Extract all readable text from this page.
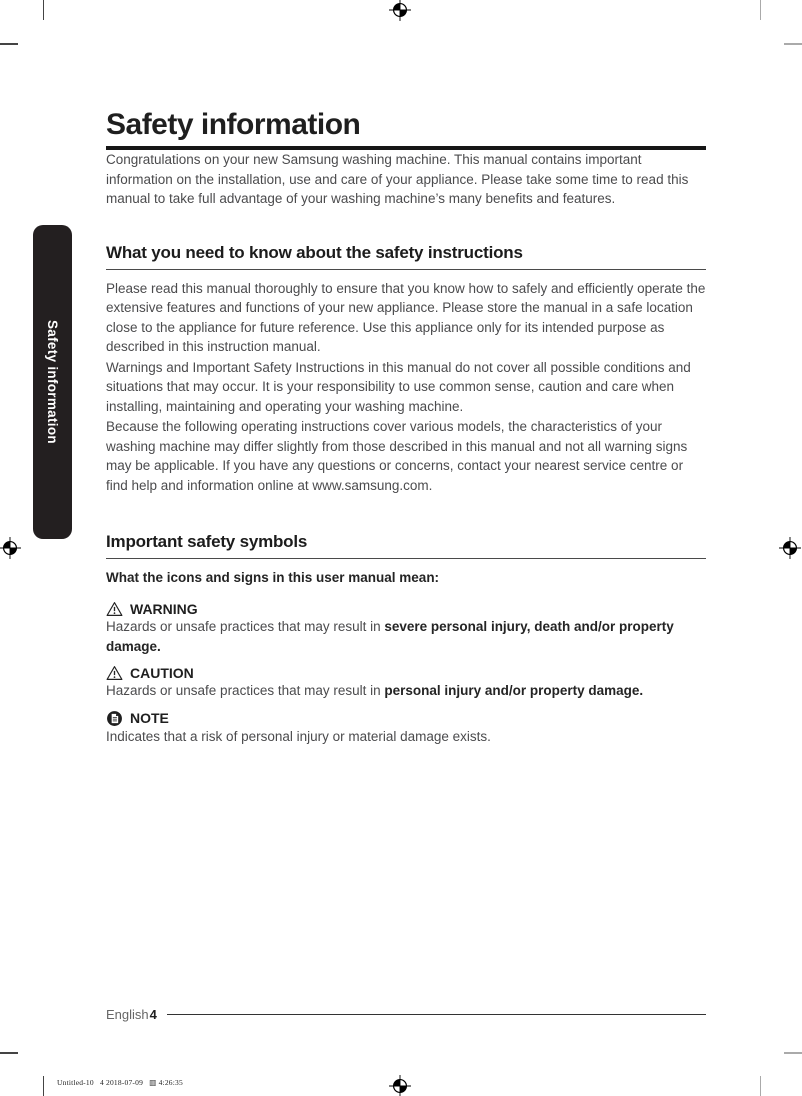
Safety information
Safety information

Congratulations on your new Samsung washing machine. This manual contains important information on the installation, use and care of your appliance. Please take some time to read this manual to take full advantage of your washing machine’s many benefits and features.

What you need to know about the safety instructions

Please read this manual thoroughly to ensure that you know how to safely and efficiently operate the extensive features and functions of your new appliance. Please store the manual in a safe location close to the appliance for future reference. Use this appliance only for its intended purpose as described in this instruction manual.

Warnings and Important Safety Instructions in this manual do not cover all possible conditions and situations that may occur. It is your responsibility to use common sense, caution and care when installing, maintaining and operating your washing machine.

Because the following operating instructions cover various models, the characteristics of your washing machine may differ slightly from those described in this manual and not all warning signs may be applicable. If you have any questions or concerns, contact your nearest service centre or find help and information online at www.samsung.com.

Important safety symbols

What the icons and signs in this user manual mean:

WARNING

Hazards or unsafe practices that may result in severe personal injury, death and/or property damage.

CAUTION

Hazards or unsafe practices that may result in personal injury and/or property damage.

NOTE

Indicates that a risk of personal injury or material damage exists.

English 4
Untitled-10   4 2018-07-09   ▥ 4:26:35
